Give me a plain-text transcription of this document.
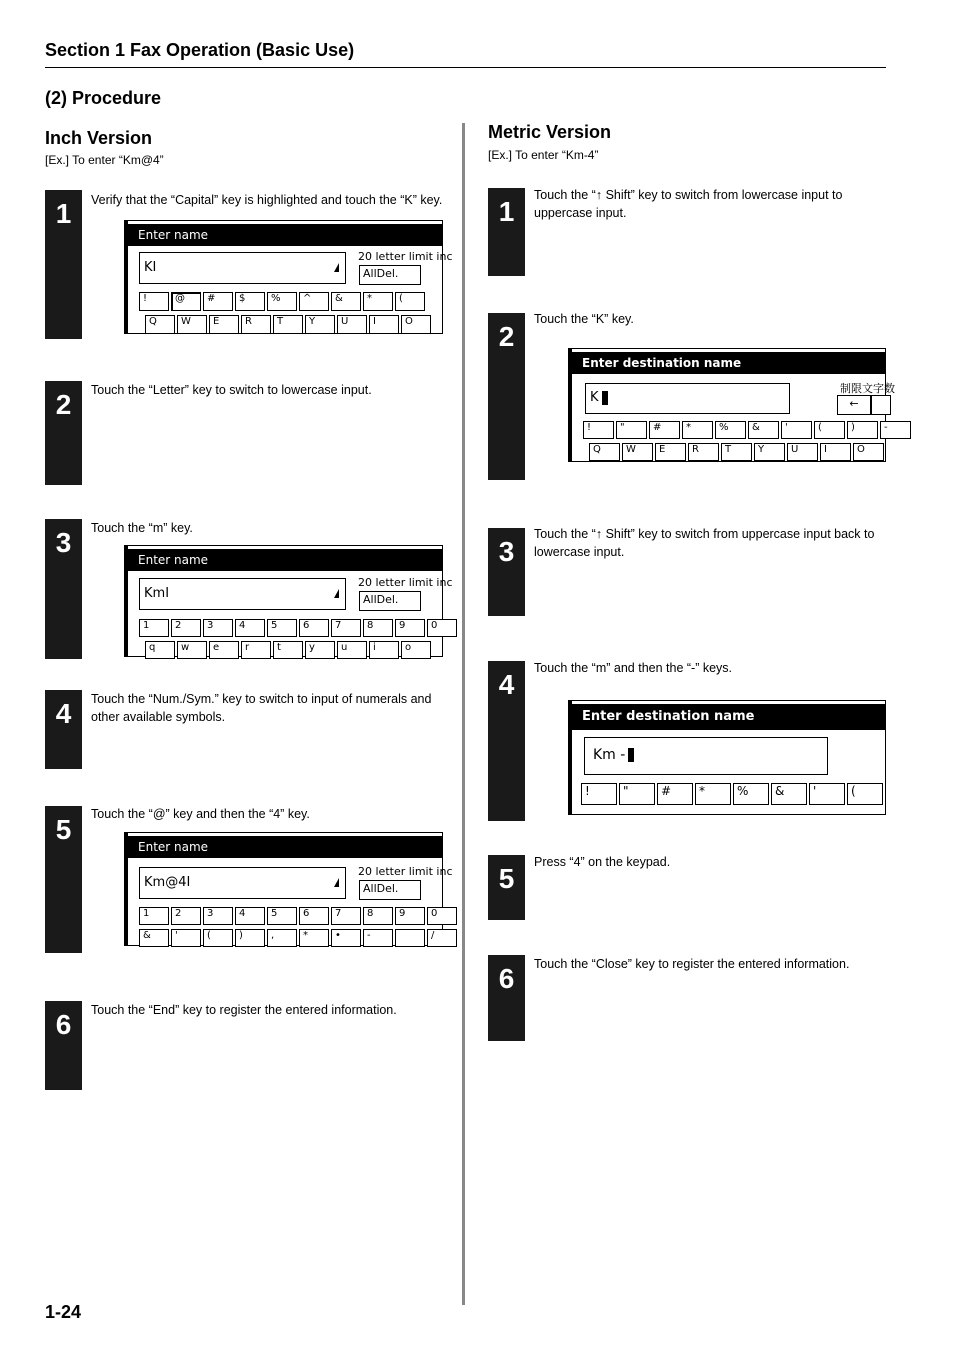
Section 1 Fax Operation (Basic Use)
(2) Procedure
Inch Version
[Ex.] To enter “Km@4”
1	Verify that the “Capital” key is highlighted and touch the “K” key.
Enter name
KI
20 letter limit inc
AllDel.
!	@	#	$	%	^	&	*	(
Q	W	E	R	T	Y	U	I	O
2	Touch the “Letter” key to switch to lowercase input.
3	Touch the “m” key.
Enter name
KmI
20 letter limit inc
AllDel.
1	2	3	4	5	6	7	8	9	0
q	w	e	r	t	y	u	i	o
4	Touch the “Num./Sym.” key to switch to input of numerals and other available symbols.
5	Touch the “@” key and then the “4” key.
Enter name
Km@4I
20 letter limit inc
AllDel.
1	2	3	4	5	6	7	8	9	0
&	'	(	)	,	*	•	-	/
6	Touch the “End” key to register the entered information.
Metric Version
[Ex.] To enter “Km-4”
1
Touch the “↑ Shift” key to switch from lowercase input to uppercase input.
2
Touch the “K” key.
Enter destination name
K
制限文字数
←
!	"	#	*	%	&	'	(	)	-
Q	W	E	R	T	Y	U	I	O
3
Touch the “↑ Shift” key to switch from uppercase input back to lowercase input.
4
Touch the “m” and then the “-” keys.
Enter destination name
Km -
!	"	#	*	%	&	'	(
5
Press “4” on the keypad.
6	Touch the “Close” key to register the entered information.
1-24
